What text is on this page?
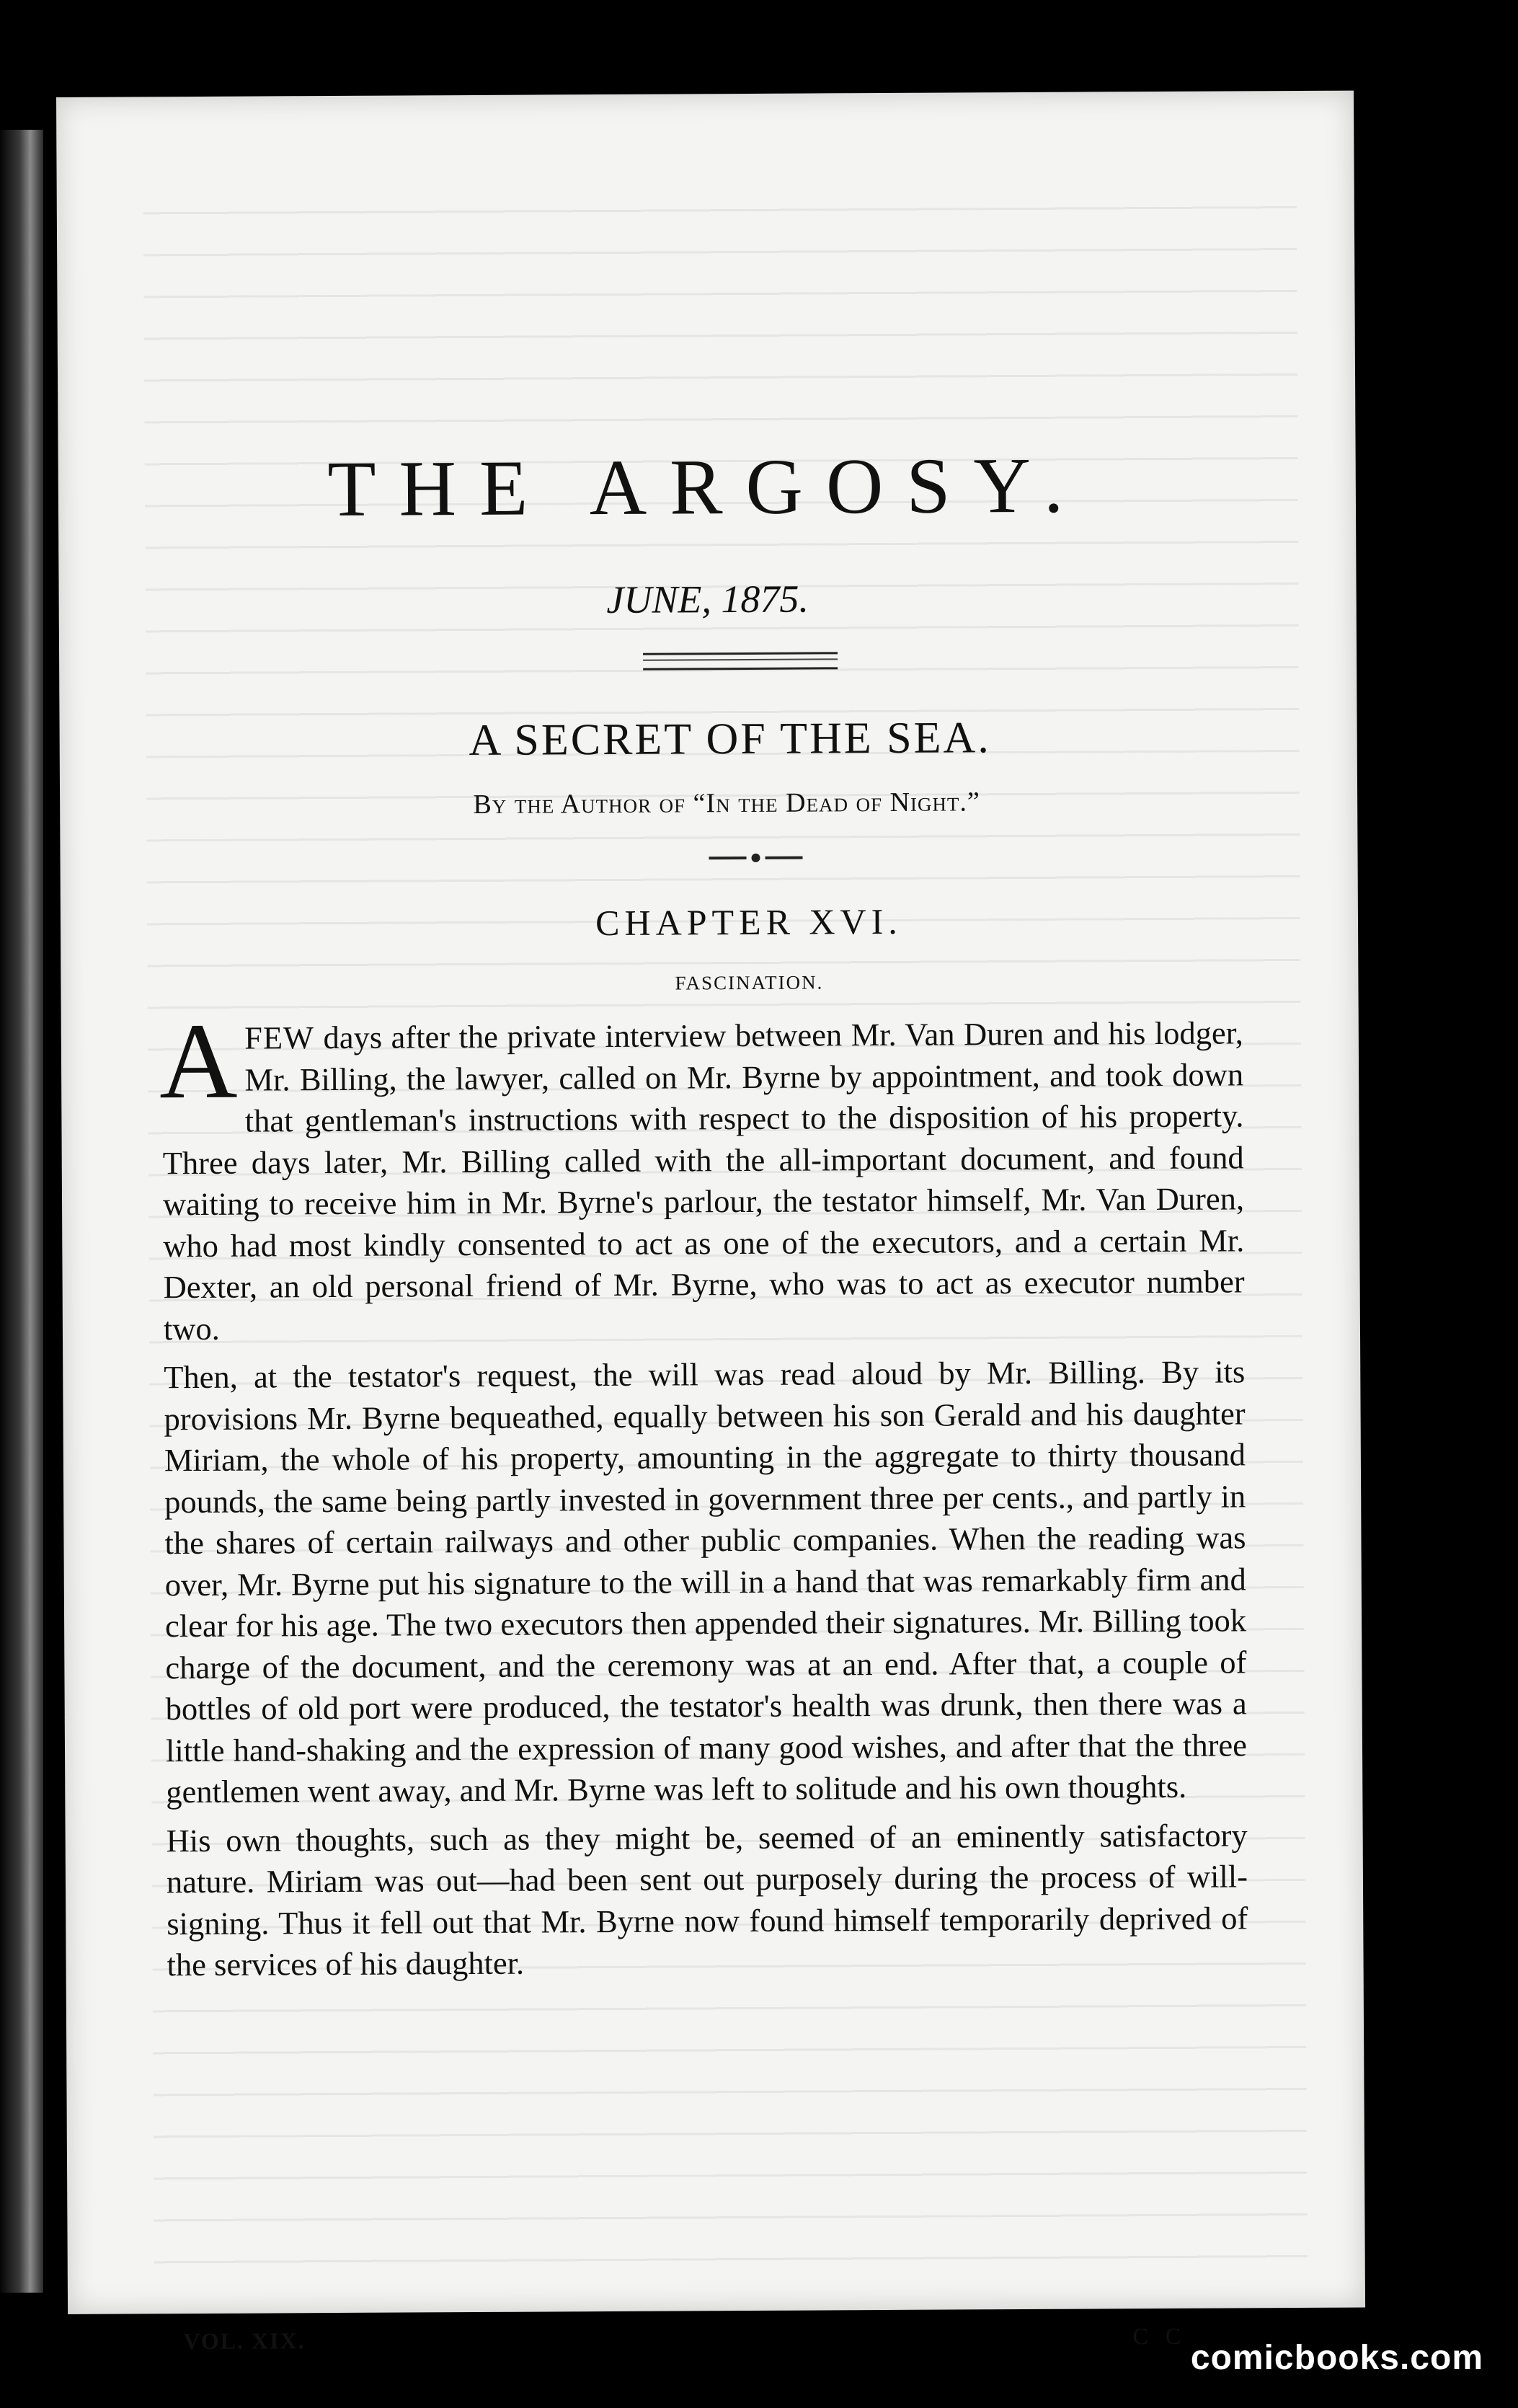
THE ARGOSY.
JUNE, 1875.
A SECRET OF THE SEA.
By the Author of “In the Dead of Night.”
CHAPTER XVI.
FASCINATION.

AFEW days after the private interview between Mr. Van Duren and his lodger, Mr. Billing, the lawyer, called on Mr. Byrne by appointment, and took down that gentleman's instructions with respect to the disposition of his property. Three days later, Mr. Billing called with the all-important document, and found waiting to receive him in Mr. Byrne's parlour, the testator himself, Mr. Van Duren, who had most kindly consented to act as one of the executors, and a certain Mr. Dexter, an old personal friend of Mr. Byrne, who was to act as executor number two.

Then, at the testator's request, the will was read aloud by Mr. Billing. By its provisions Mr. Byrne bequeathed, equally between his son Gerald and his daughter Miriam, the whole of his property, amounting in the aggregate to thirty thousand pounds, the same being partly invested in government three per cents., and partly in the shares of certain railways and other public companies. When the reading was over, Mr. Byrne put his signature to the will in a hand that was remarkably firm and clear for his age. The two executors then appended their signatures. Mr. Billing took charge of the document, and the ceremony was at an end. After that, a couple of bottles of old port were produced, the testator's health was drunk, then there was a little hand-shaking and the expression of many good wishes, and after that the three gentlemen went away, and Mr. Byrne was left to solitude and his own thoughts.

His own thoughts, such as they might be, seemed of an eminently satisfactory nature. Miriam was out—had been sent out purposely during the process of will-signing. Thus it fell out that Mr. Byrne now found himself temporarily deprived of the services of his daughter.

VOL. XIX.	C C
comicbooks.com
